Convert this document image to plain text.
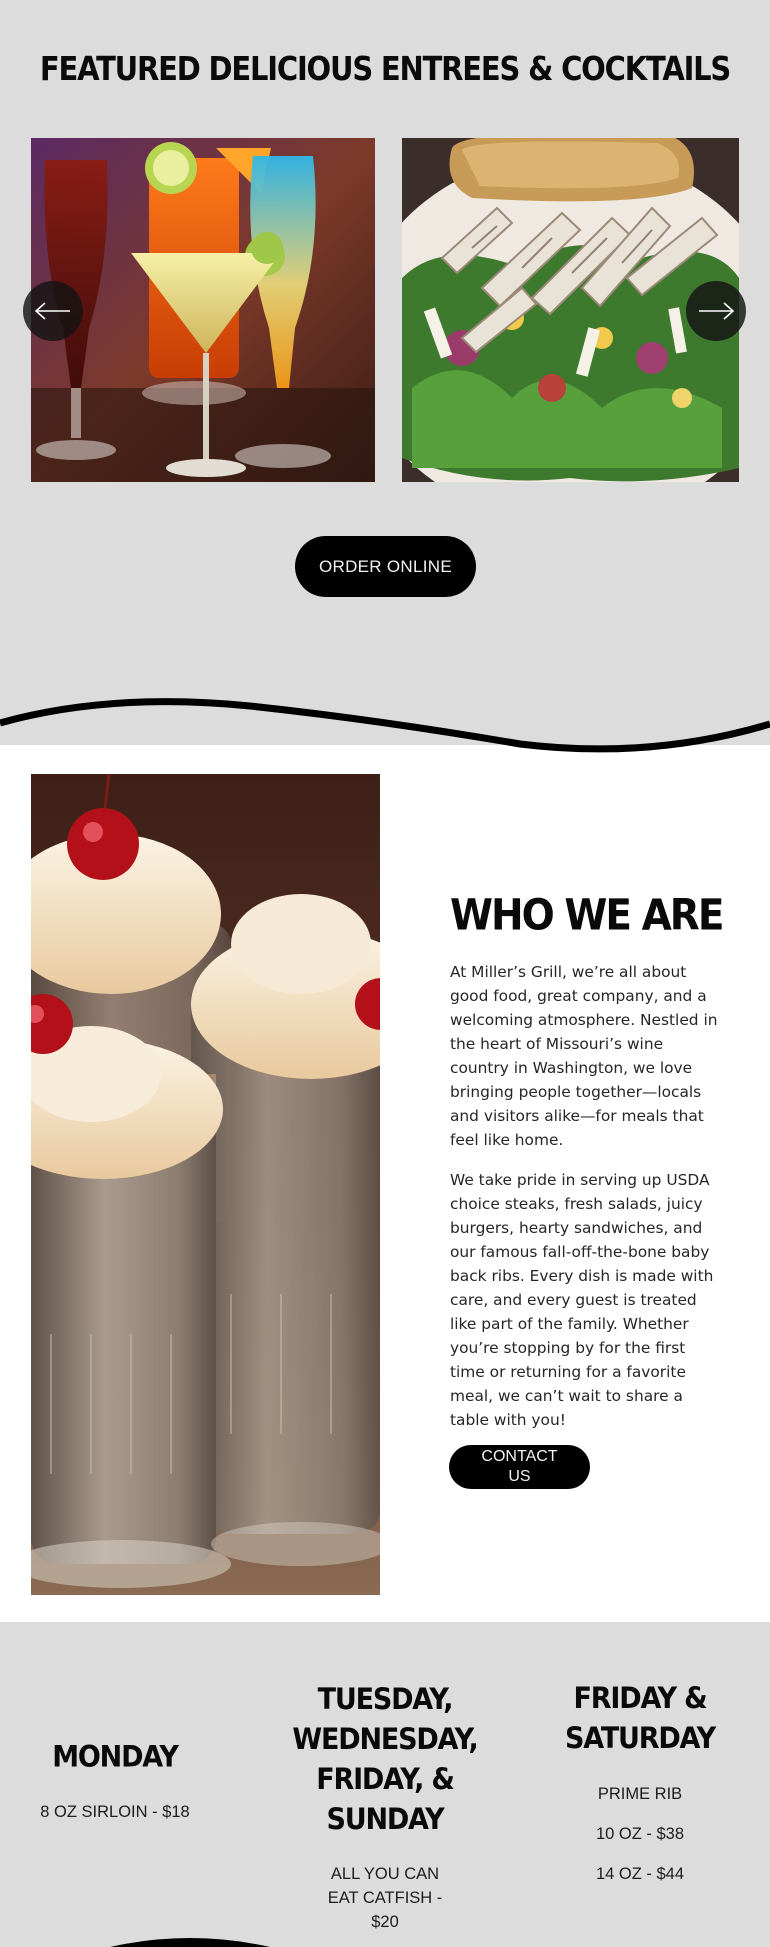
FEATURED DELICIOUS ENTREES & COCKTAILS
ORDER ONLINE
WHO WE ARE

At Miller’s Grill, we’re all about good food, great company, and a welcoming atmosphere. Nestled in the heart of Missouri’s wine country in Washington, we love bringing people together—locals and visitors alike—for meals that feel like home.

We take pride in serving up USDA choice steaks, fresh salads, juicy burgers, hearty sandwiches, and our famous fall-off-the-bone baby back ribs. Every dish is made with care, and every guest is treated like part of the family. Whether you’re stopping by for the first time or returning for a favorite meal, we can’t wait to share a table with you!

CONTACT US
MONDAY
8 OZ SIRLOIN - $18
TUESDAY, WEDNESDAY, FRIDAY, & SUNDAY
ALL YOU CAN EAT CATFISH - $20
FRIDAY & SATURDAY
PRIME RIB
10 OZ - $38
14 OZ - $44
